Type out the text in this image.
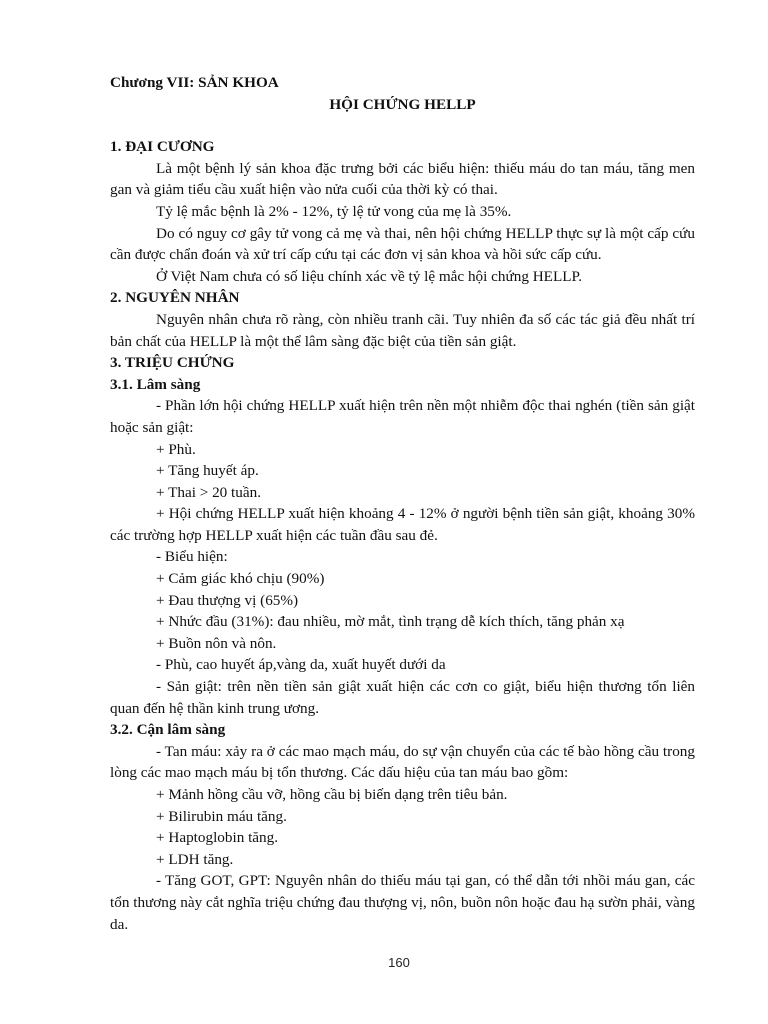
Chương VII: SẢN KHOA

HỘI CHỨNG HELLP

1. ĐẠI CƯƠNG

Là một bệnh lý sản khoa đặc trưng bởi các biểu hiện: thiếu máu do tan máu, tăng men gan và giảm tiểu cầu xuất hiện vào nửa cuối của thời kỳ có thai.

Tỷ lệ mắc bệnh là 2% - 12%, tỷ lệ tử vong của mẹ là 35%.

Do có nguy cơ gây tử vong cả mẹ và thai, nên hội chứng HELLP thực sự là một cấp cứu cần được chẩn đoán và xử trí cấp cứu tại các đơn vị sản khoa và hồi sức cấp cứu.

Ở Việt Nam chưa có số liệu chính xác về tỷ lệ mắc hội chứng HELLP.

2. NGUYÊN NHÂN

Nguyên nhân chưa rõ ràng, còn nhiều tranh cãi. Tuy nhiên đa số các tác giả đều nhất trí bản chất của HELLP là một thể lâm sàng đặc biệt của tiền sản giật.

3. TRIỆU CHỨNG
3.1. Lâm sàng

- Phần lớn hội chứng HELLP xuất hiện trên nền một nhiễm độc thai nghén (tiền sản giật hoặc sản giật:

+ Phù.

+ Tăng huyết áp.

+ Thai > 20 tuần.

+ Hội chứng HELLP xuất hiện khoảng 4 - 12% ở người bệnh tiền sản giật, khoảng 30% các trường hợp HELLP xuất hiện các tuần đầu sau đẻ.

- Biểu hiện:

+ Cảm giác khó chịu (90%)

+ Đau thượng vị (65%)

+ Nhức đầu (31%): đau nhiều, mờ mắt, tình trạng dễ kích thích, tăng phản xạ

+ Buồn nôn và nôn.

- Phù, cao huyết áp,vàng da, xuất huyết dưới da

- Sản giật: trên nền tiền sản giật xuất hiện các cơn co giật, biểu hiện thương tổn liên quan đến hệ thần kinh trung ương.

3.2. Cận lâm sàng

- Tan máu: xảy ra ở các mao mạch máu, do sự vận chuyển của các tế bào hồng cầu trong lòng các mao mạch máu bị tổn thương. Các dấu hiệu của tan máu bao gồm:

+ Mảnh hồng cầu vỡ, hồng cầu bị biến dạng trên tiêu bản.

+ Bilirubin máu tăng.

+ Haptoglobin tăng.

+ LDH tăng.

- Tăng GOT, GPT: Nguyên nhân do thiếu máu tại gan, có thể dẫn tới nhồi máu gan, các tổn thương này cắt nghĩa triệu chứng đau thượng vị, nôn, buồn nôn hoặc đau hạ sườn phải, vàng da.

160
